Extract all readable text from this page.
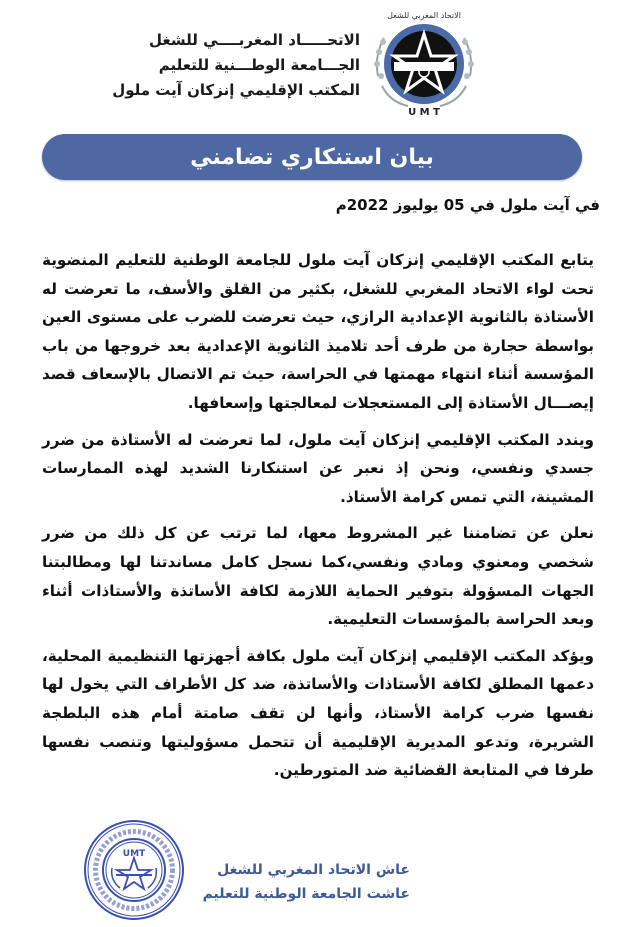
الاتحـــــاد المغربــــي للشغل
الجـــامعة الوطـــنية للتعليم
المكتب الإقليمي إنزكان آيت ملول
الاتحاد المغربي للشغل
U M T
بيان استنكاري تضامني
في آيت ملول في 05 يوليوز 2022م

يتابع المكتب الإقليمي إنزكان آيت ملول للجامعة الوطنية للتعليم المنضوية تحت لواء الاتحاد المغربي للشغل، بكثير من القلق والأسف، ما تعرضت له الأستاذة بالثانوية الإعدادية الرازي، حيث تعرضت للضرب على مستوى العين بواسطة حجارة من طرف أحد تلاميذ الثانوية الإعدادية بعد خروجها من باب المؤسسة أثناء انتهاء مهمتها في الحراسة، حيث تم الاتصال بالإسعاف قصد إيصـــال الأستاذة إلى المستعجلات لمعالجتها وإسعافها.

ويندد المكتب الإقليمي إنزكان آيت ملول، لما تعرضت له الأستاذة من ضرر جسدي ونفسي، ونحن إذ نعبر عن استنكارنا الشديد لهذه الممارسات المشينة، التي تمس كرامة الأستاذ.

نعلن عن تضامننا غير المشروط معها، لما ترتب عن كل ذلك من ضرر شخصي ومعنوي ومادي ونفسي،كما نسجل كامل مساندتنا لها ومطالبتنا الجهات المسؤولة بتوفير الحماية اللازمة لكافة الأساتذة والأستاذات أثناء وبعد الحراسة بالمؤسسات التعليمية.

ويؤكد المكتب الإقليمي إنزكان آيت ملول بكافة أجهزتها التنظيمية المحلية، دعمها المطلق لكافة الأستاذات والأساتذة، ضد كل الأطراف التي يخول لها نفسها ضرب كرامة الأستاذ، وأنها لن تقف صامتة أمام هذه البلطجة الشريرة، وتدعو المديرية الإقليمية أن تتحمل مسؤوليتها وتنصب نفسها طرفا في المتابعة القضائية ضد المتورطين.

عاش الاتحاد المغربي للشغل
عاشت الجامعة الوطنية للتعليم
UMT
